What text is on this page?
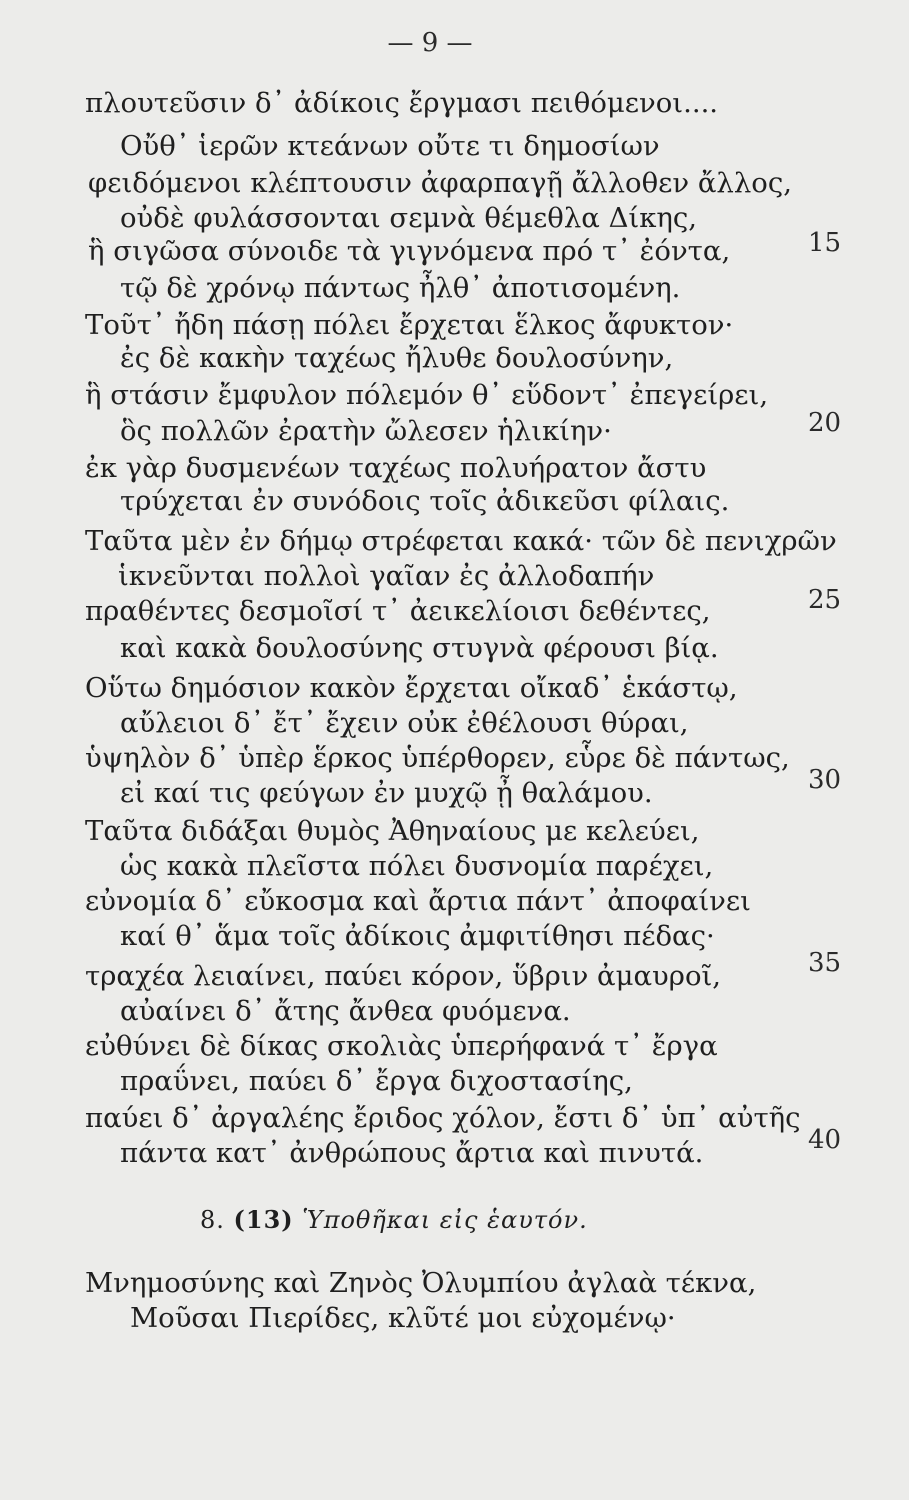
— 9 —
πλουτεῦσιν δ᾽ ἀδίκοις ἔργμασι πειθόμενοι....
Οὔθ᾽ ἱερῶν κτεάνων οὔτε τι δημοσίων
φειδόμενοι κλέπτουσιν ἀφαρπαγῇ ἄλλοθεν ἄλλος,
οὐδὲ φυλάσσονται σεμνὰ θέμεθλα Δίκης,
ἣ σιγῶσα σύνοιδε τὰ γιγνόμενα πρό τ᾽ ἐόντα,
τῷ δὲ χρόνῳ πάντως ἦλθ᾽ ἀποτισομένη.
Τοῦτ᾽ ἤδη πάσῃ πόλει ἔρχεται ἕλκος ἄφυκτον·
ἐς δὲ κακὴν ταχέως ἤλυθε δουλοσύνην,
ἣ στάσιν ἔμφυλον πόλεμόν θ᾽ εὕδοντ᾽ ἐπεγείρει,
ὃς πολλῶν ἐρατὴν ὤλεσεν ἡλικίην·
ἐκ γὰρ δυσμενέων ταχέως πολυήρατον ἄστυ
τρύχεται ἐν συνόδοις τοῖς ἀδικεῦσι φίλαις.
Ταῦτα μὲν ἐν δήμῳ στρέφεται κακά· τῶν δὲ πενιχρῶν
ἱκνεῦνται πολλοὶ γαῖαν ἐς ἀλλοδαπήν
πραθέντες δεσμοῖσί τ᾽ ἀεικελίοισι δεθέντες,
καὶ κακὰ δουλοσύνης στυγνὰ φέρουσι βίᾳ.
Οὕτω δημόσιον κακὸν ἔρχεται οἴκαδ᾽ ἑκάστῳ,
αὔλειοι δ᾽ ἔτ᾽ ἔχειν οὐκ ἐθέλουσι θύραι,
ὑψηλὸν δ᾽ ὑπὲρ ἕρκος ὑπέρθορεν, εὗρε δὲ πάντως,
εἰ καί τις φεύγων ἐν μυχῷ ᾖ θαλάμου.
Ταῦτα διδάξαι θυμὸς Ἀθηναίους με κελεύει,
ὡς κακὰ πλεῖστα πόλει δυσνομία παρέχει,
εὐνομία δ᾽ εὔκοσμα καὶ ἄρτια πάντ᾽ ἀποφαίνει
καί θ᾽ ἅμα τοῖς ἀδίκοις ἀμφιτίθησι πέδας·
τραχέα λειαίνει, παύει κόρον, ὕβριν ἀμαυροῖ,
αὐαίνει δ᾽ ἄτης ἄνθεα φυόμενα.
εὐθύνει δὲ δίκας σκολιὰς ὑπερήφανά τ᾽ ἔργα
πραΰνει, παύει δ᾽ ἔργα διχοστασίης,
παύει δ᾽ ἀργαλέης ἔριδος χόλον, ἔστι δ᾽ ὑπ᾽ αὐτῆς
πάντα κατ᾽ ἀνθρώπους ἄρτια καὶ πινυτά.
15
20
25
30
35
40
8. (13) Ὑποθῆκαι εἰς ἑαυτόν.
Μνημοσύνης καὶ Ζηνὸς Ὀλυμπίου ἀγλαὰ τέκνα,
Μοῦσαι Πιερίδες, κλῦτέ μοι εὐχομένῳ·
